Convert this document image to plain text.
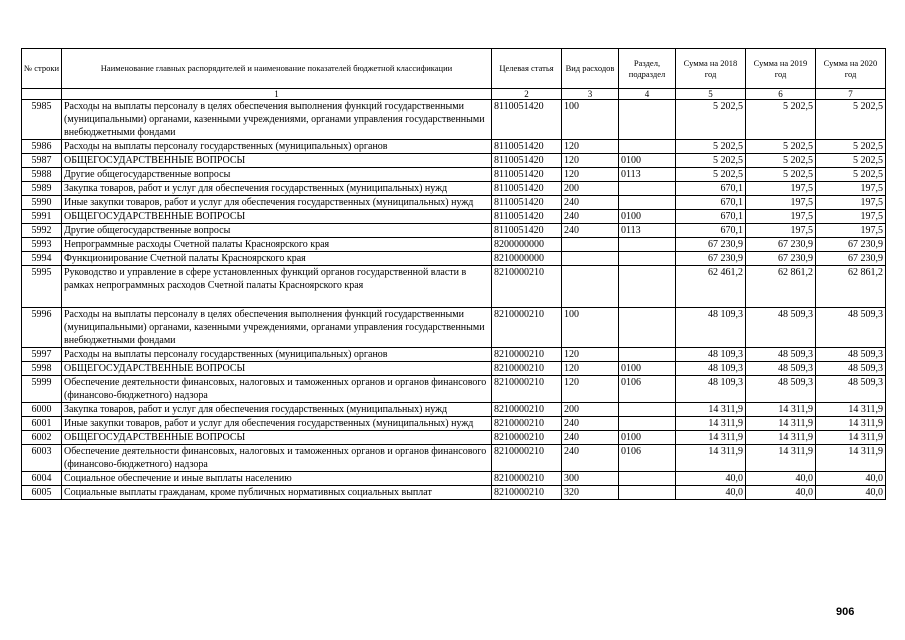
№ строки	Наименование главных распорядителей и наименование показателей бюджетной классификации	Целевая статья	Вид расходов	Раздел, подраздел	Сумма на 2018 год	Сумма на 2019 год	Сумма на 2020 год
	1	2	3	4	5	6	7
5985	Расходы на выплаты персоналу в целях обеспечения выполнения функций государственными (муниципальными) органами, казенными учреждениями, органами управления государственными внебюджетными фондами	8110051420	100		5 202,5	5 202,5	5 202,5
5986	Расходы на выплаты персоналу государственных (муниципальных) органов	8110051420	120		5 202,5	5 202,5	5 202,5
5987	ОБЩЕГОСУДАРСТВЕННЫЕ ВОПРОСЫ	8110051420	120	0100	5 202,5	5 202,5	5 202,5
5988	Другие общегосударственные вопросы	8110051420	120	0113	5 202,5	5 202,5	5 202,5
5989	Закупка товаров, работ и услуг для обеспечения государственных (муниципальных) нужд	8110051420	200		670,1	197,5	197,5
5990	Иные закупки товаров, работ и услуг для обеспечения государственных (муниципальных) нужд	8110051420	240		670,1	197,5	197,5
5991	ОБЩЕГОСУДАРСТВЕННЫЕ ВОПРОСЫ	8110051420	240	0100	670,1	197,5	197,5
5992	Другие общегосударственные вопросы	8110051420	240	0113	670,1	197,5	197,5
5993	Непрограммные расходы Счетной палаты Красноярского края	8200000000			67 230,9	67 230,9	67 230,9
5994	Функционирование Счетной палаты Красноярского края	8210000000			67 230,9	67 230,9	67 230,9
5995	Руководство и управление в сфере установленных функций органов государственной власти в рамках непрограммных расходов Счетной палаты Красноярского края	8210000210			62 461,2	62 861,2	62 861,2
5996	Расходы на выплаты персоналу в целях обеспечения выполнения функций государственными (муниципальными) органами, казенными учреждениями, органами управления государственными внебюджетными фондами	8210000210	100		48 109,3	48 509,3	48 509,3
5997	Расходы на выплаты персоналу государственных (муниципальных) органов	8210000210	120		48 109,3	48 509,3	48 509,3
5998	ОБЩЕГОСУДАРСТВЕННЫЕ ВОПРОСЫ	8210000210	120	0100	48 109,3	48 509,3	48 509,3
5999	Обеспечение деятельности финансовых, налоговых и таможенных органов и органов финансового (финансово-бюджетного) надзора	8210000210	120	0106	48 109,3	48 509,3	48 509,3
6000	Закупка товаров, работ и услуг для обеспечения государственных (муниципальных) нужд	8210000210	200		14 311,9	14 311,9	14 311,9
6001	Иные закупки товаров, работ и услуг для обеспечения государственных (муниципальных) нужд	8210000210	240		14 311,9	14 311,9	14 311,9
6002	ОБЩЕГОСУДАРСТВЕННЫЕ ВОПРОСЫ	8210000210	240	0100	14 311,9	14 311,9	14 311,9
6003	Обеспечение деятельности финансовых, налоговых и таможенных органов и органов финансового (финансово-бюджетного) надзора	8210000210	240	0106	14 311,9	14 311,9	14 311,9
6004	Социальное обеспечение и иные выплаты населению	8210000210	300		40,0	40,0	40,0
6005	Социальные выплаты гражданам, кроме публичных нормативных социальных выплат	8210000210	320		40,0	40,0	40,0
906
